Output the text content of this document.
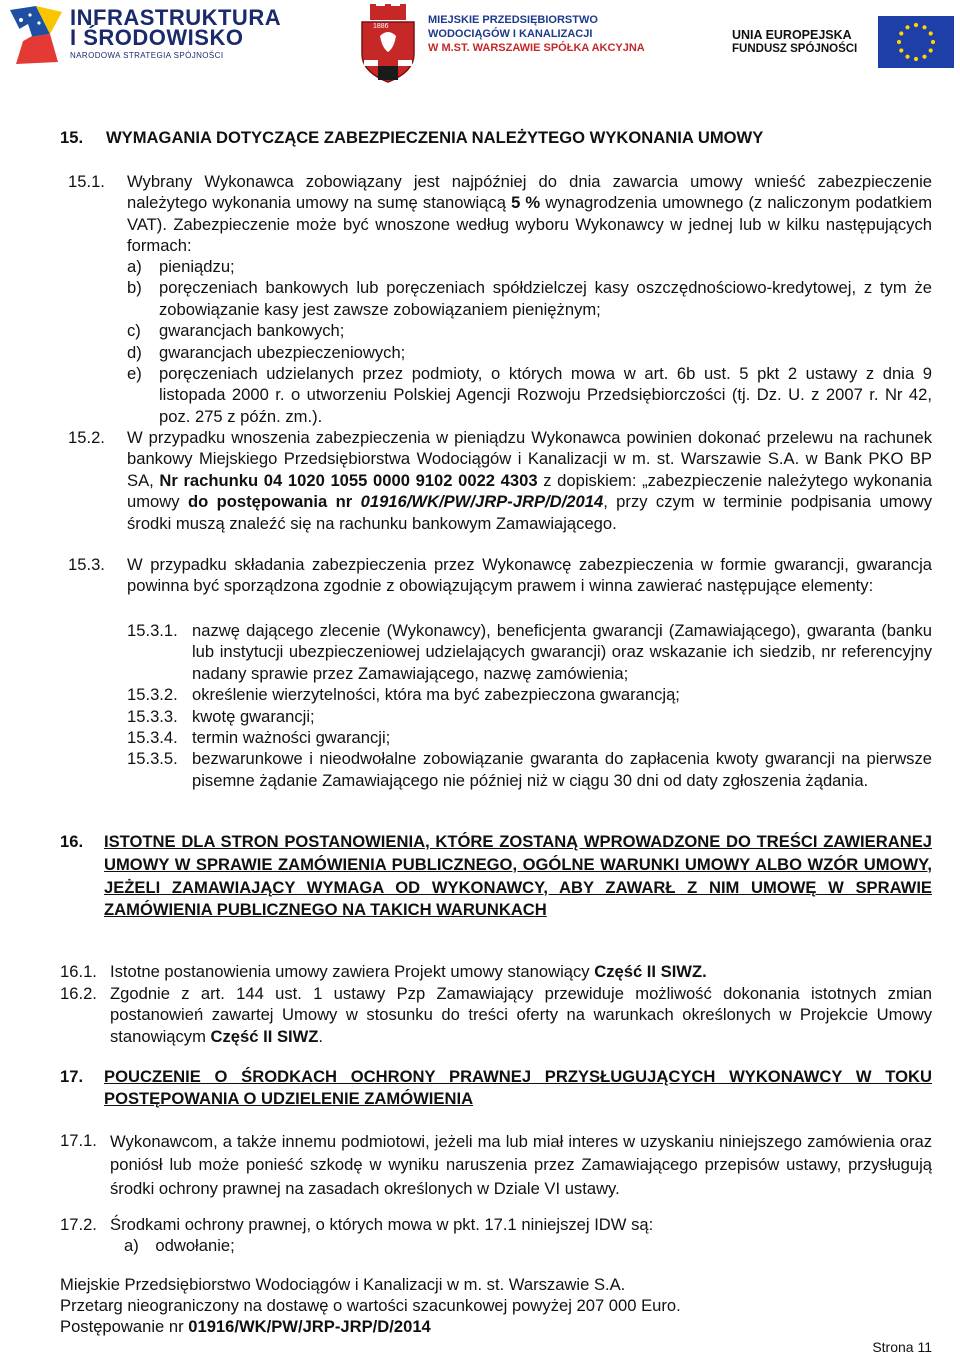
INFRASTRUKTURA
I ŚRODOWISKO
NARODOWA STRATEGIA SPÓJNOŚCI
1886
MIEJSKIE PRZEDSIĘBIORSTWO
WODOCIĄGÓW I KANALIZACJI
W M.ST. WARSZAWIE SPÓŁKA AKCYJNA
UNIA EUROPEJSKA
FUNDUSZ SPÓJNOŚCI
15. WYMAGANIA DOTYCZĄCE ZABEZPIECZENIA NALEŻYTEGO WYKONANIA UMOWY
15.1. Wybrany Wykonawca zobowiązany jest najpóźniej do dnia zawarcia umowy wnieść zabezpieczenie należytego wykonania umowy na sumę stanowiącą 5 % wynagrodzenia umownego (z naliczonym podatkiem VAT). Zabezpieczenie może być wnoszone według wyboru Wykonawcy w jednej lub w kilku następujących formach:
a) pieniądzu;
b) poręczeniach bankowych lub poręczeniach spółdzielczej kasy oszczędnościowo-kredytowej, z tym że zobowiązanie kasy jest zawsze zobowiązaniem pieniężnym;
c) gwarancjach bankowych;
d) gwarancjach ubezpieczeniowych;
e) poręczeniach udzielanych przez podmioty, o których mowa w art. 6b ust. 5 pkt 2 ustawy z dnia 9 listopada 2000 r. o utworzeniu Polskiej Agencji Rozwoju Przedsiębiorczości (tj. Dz. U. z 2007 r. Nr 42, poz. 275 z późn. zm.).
15.2. W przypadku wnoszenia zabezpieczenia w pieniądzu Wykonawca powinien dokonać przelewu na rachunek bankowy Miejskiego Przedsiębiorstwa Wodociągów i Kanalizacji w m. st. Warszawie S.A. w Bank PKO BP SA, Nr rachunku 04 1020 1055 0000 9102 0022 4303 z dopiskiem: „zabezpieczenie należytego wykonania umowy do postępowania nr 01916/WK/PW/JRP-JRP/D/2014, przy czym w terminie podpisania umowy środki muszą znaleźć się na rachunku bankowym Zamawiającego.
15.3. W przypadku składania zabezpieczenia przez Wykonawcę zabezpieczenia w formie gwarancji, gwarancja powinna być sporządzona zgodnie z obowiązującym prawem i winna zawierać następujące elementy:
15.3.1. nazwę dającego zlecenie (Wykonawcy), beneficjenta gwarancji (Zamawiającego), gwaranta (banku lub instytucji ubezpieczeniowej udzielających gwarancji) oraz wskazanie ich siedzib, nr referencyjny nadany sprawie przez Zamawiającego, nazwę zamówienia;
15.3.2. określenie wierzytelności, która ma być zabezpieczona gwarancją;
15.3.3. kwotę gwarancji;
15.3.4. termin ważności gwarancji;
15.3.5. bezwarunkowe i nieodwołalne zobowiązanie gwaranta do zapłacenia kwoty gwarancji na pierwsze pisemne żądanie Zamawiającego nie później niż w ciągu 30 dni od daty zgłoszenia żądania.
16. ISTOTNE DLA STRON POSTANOWIENIA, KTÓRE ZOSTANĄ WPROWADZONE DO TREŚCI ZAWIERANEJ UMOWY W SPRAWIE ZAMÓWIENIA PUBLICZNEGO, OGÓLNE WARUNKI UMOWY ALBO WZÓR UMOWY, JEŻELI ZAMAWIAJĄCY WYMAGA OD WYKONAWCY, ABY ZAWARŁ Z NIM UMOWĘ W SPRAWIE ZAMÓWIENIA PUBLICZNEGO NA TAKICH WARUNKACH
16.1. Istotne postanowienia umowy zawiera Projekt umowy stanowiący Część II SIWZ.
16.2. Zgodnie z art. 144 ust. 1 ustawy Pzp Zamawiający przewiduje możliwość dokonania istotnych zmian postanowień zawartej Umowy w stosunku do treści oferty na warunkach określonych w Projekcie Umowy stanowiącym Część II SIWZ.
17. POUCZENIE O ŚRODKACH OCHRONY PRAWNEJ PRZYSŁUGUJĄCYCH WYKONAWCY W TOKU POSTĘPOWANIA O UDZIELENIE ZAMÓWIENIA
17.1. Wykonawcom, a także innemu podmiotowi, jeżeli ma lub miał interes w uzyskaniu niniejszego zamówienia oraz poniósł lub może ponieść szkodę w wyniku naruszenia przez Zamawiającego przepisów ustawy, przysługują środki ochrony prawnej na zasadach określonych w Dziale VI ustawy.
17.2. Środkami ochrony prawnej, o których mowa w pkt. 17.1 niniejszej IDW są:
a) odwołanie;
Miejskie Przedsiębiorstwo Wodociągów i Kanalizacji w m. st. Warszawie S.A.
Przetarg nieograniczony na dostawę o wartości szacunkowej powyżej 207 000 Euro.
Postępowanie nr 01916/WK/PW/JRP-JRP/D/2014
Strona 11
